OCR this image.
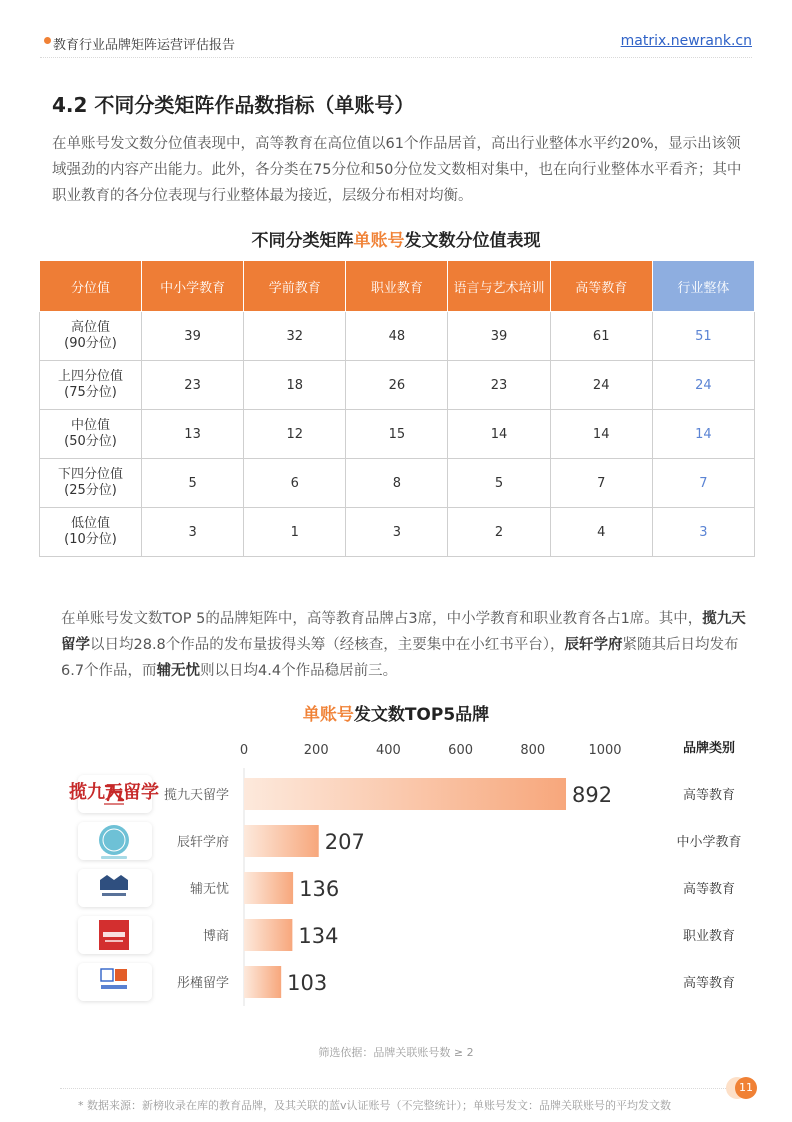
教育行业品牌矩阵运营评估报告	matrix.newrank.cn
4.2 不同分类矩阵作品数指标（单账号）
在单账号发文数分位值表现中，高等教育在高位值以61个作品居首，高出行业整体水平约20%，显示出该领域强劲的内容产出能力。此外，各分类在75分位和50分位发文数相对集中，也在向行业整体水平看齐；其中职业教育的各分位表现与行业整体最为接近，层级分布相对均衡。
不同分类矩阵单账号发文数分位值表现
分位值	中小学教育	学前教育	职业教育	语言与艺术培训	高等教育	行业整体

高位值
(90分位)	39	32	48	39	61	51

上四分位值
(75分位)	23	18	26	23	24	24

中位值
(50分位)	13	12	15	14	14	14

下四分位值
(25分位)	5	6	8	5	7	7

低位值
(10分位)	3	1	3	2	4	3
在单账号发文数TOP 5的品牌矩阵中，高等教育品牌占3席，中小学教育和职业教育各占1席。其中，揽九天留学以日均28.8个作品的发布量拔得头筹（经核查，主要集中在小红书平台），辰轩学府紧随其后日均发布6.7个作品，而辅无忧则以日均4.4个作品稳居前三。
单账号发文数TOP5品牌
0	200	400	600	800	1000	品牌类别
揽九天留学 揽九天留学	892	高等教育
辰轩学府	207	中小学教育
辅无忧	136	高等教育
博商	134	职业教育
彤槿留学	103	高等教育
筛选依据：品牌关联账号数 ≥ 2
* 数据来源：新榜收录在库的教育品牌，及其关联的蓝v认证账号（不完整统计）；单账号发文：品牌关联账号的平均发文数
11
